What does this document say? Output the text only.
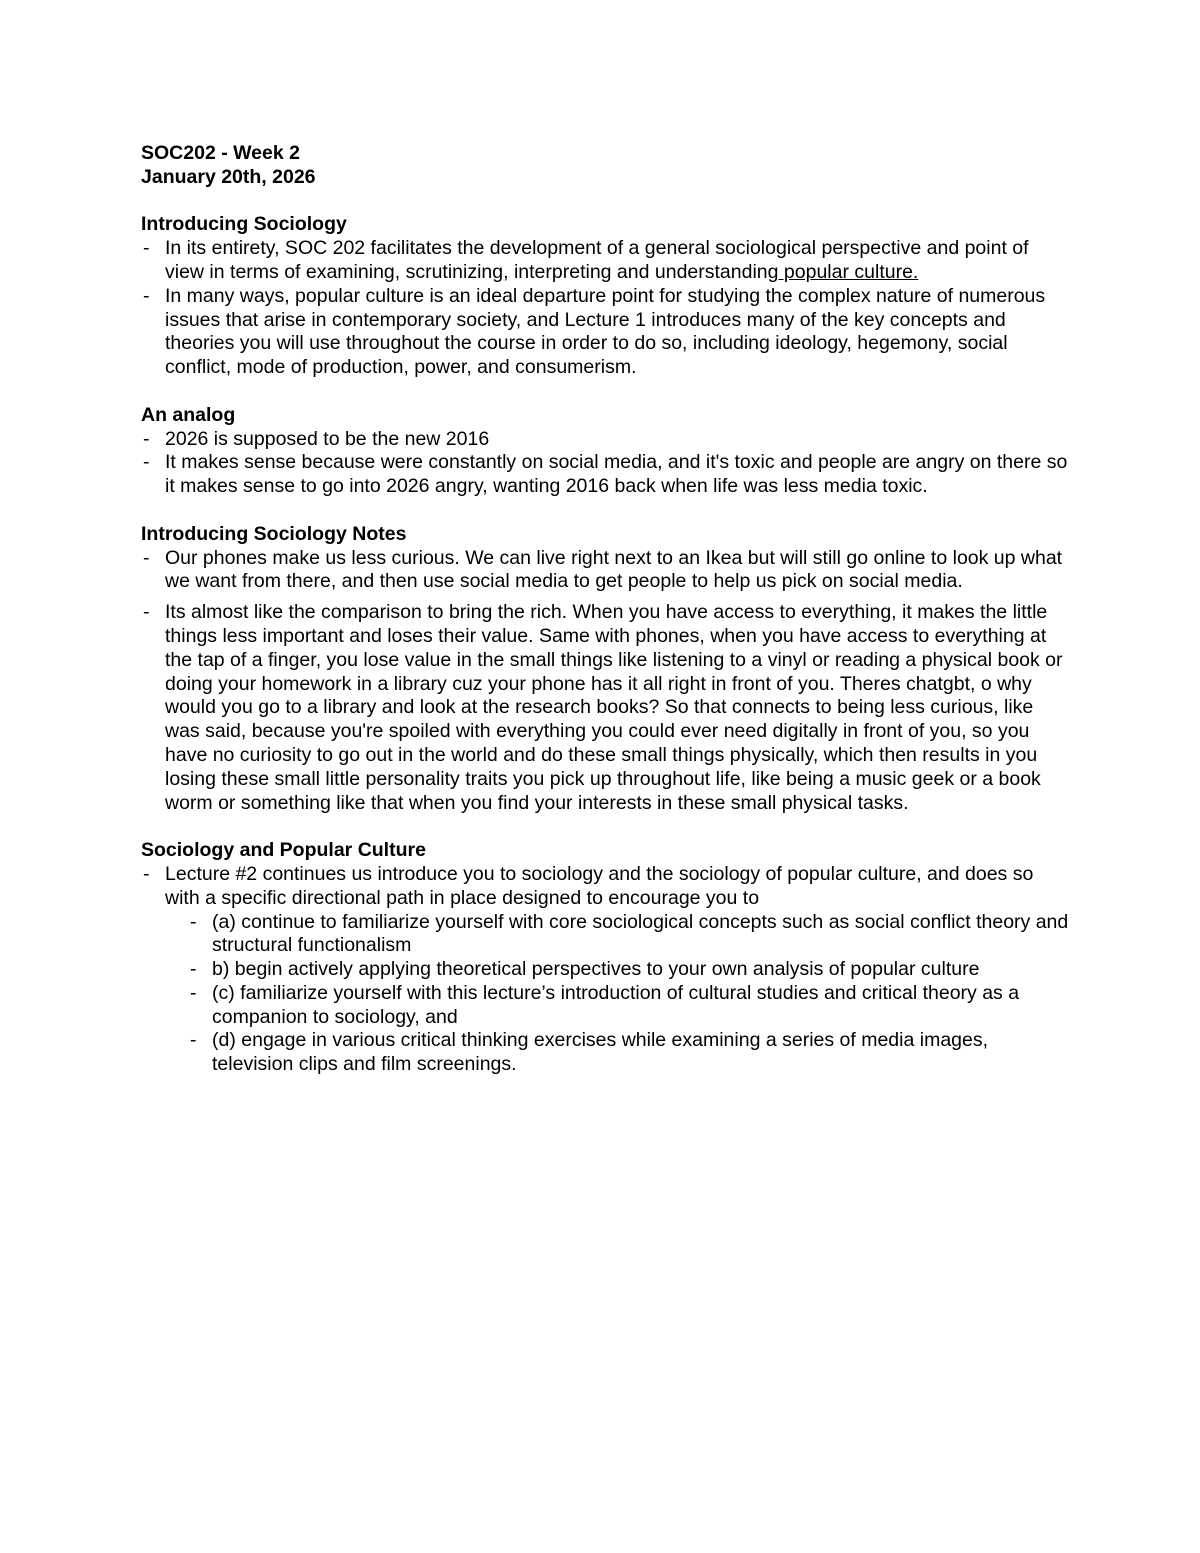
SOC202 - Week 2

January 20th, 2026

Introducing Sociology

- In its entirety, SOC 202 facilitates the development of a general sociological perspective and point of view in terms of examining, scrutinizing, interpreting and understanding popular culture.
- In many ways, popular culture is an ideal departure point for studying the complex nature of numerous issues that arise in contemporary society, and Lecture 1 introduces many of the key concepts and theories you will use throughout the course in order to do so, including ideology, hegemony, social conflict, mode of production, power, and consumerism.

An analog

- 2026 is supposed to be the new 2016
- It makes sense because were constantly on social media, and it's toxic and people are angry on there so it makes sense to go into 2026 angry, wanting 2016 back when life was less media toxic.

Introducing Sociology Notes

- Our phones make us less curious. We can live right next to an Ikea but will still go online to look up what we want from there, and then use social media to get people to help us pick on social media.
- Its almost like the comparison to bring the rich. When you have access to everything, it makes the little things less important and loses their value. Same with phones, when you have access to everything at the tap of a finger, you lose value in the small things like listening to a vinyl or reading a physical book or doing your homework in a library cuz your phone has it all right in front of you. Theres chatgbt, o why would you go to a library and look at the research books? So that connects to being less curious, like was said, because you're spoiled with everything you could ever need digitally in front of you, so you have no curiosity to go out in the world and do these small things physically, which then results in you losing these small little personality traits you pick up throughout life, like being a music geek or a book worm or something like that when you find your interests in these small physical tasks.

Sociology and Popular Culture

- Lecture #2 continues us introduce you to sociology and the sociology of popular culture, and does so with a specific directional path in place designed to encourage you to
- (a) continue to familiarize yourself with core sociological concepts such as social conflict theory and structural functionalism
- b) begin actively applying theoretical perspectives to your own analysis of popular culture
- (c) familiarize yourself with this lecture’s introduction of cultural studies and critical theory as a companion to sociology, and
- (d) engage in various critical thinking exercises while examining a series of media images, television clips and film screenings.
